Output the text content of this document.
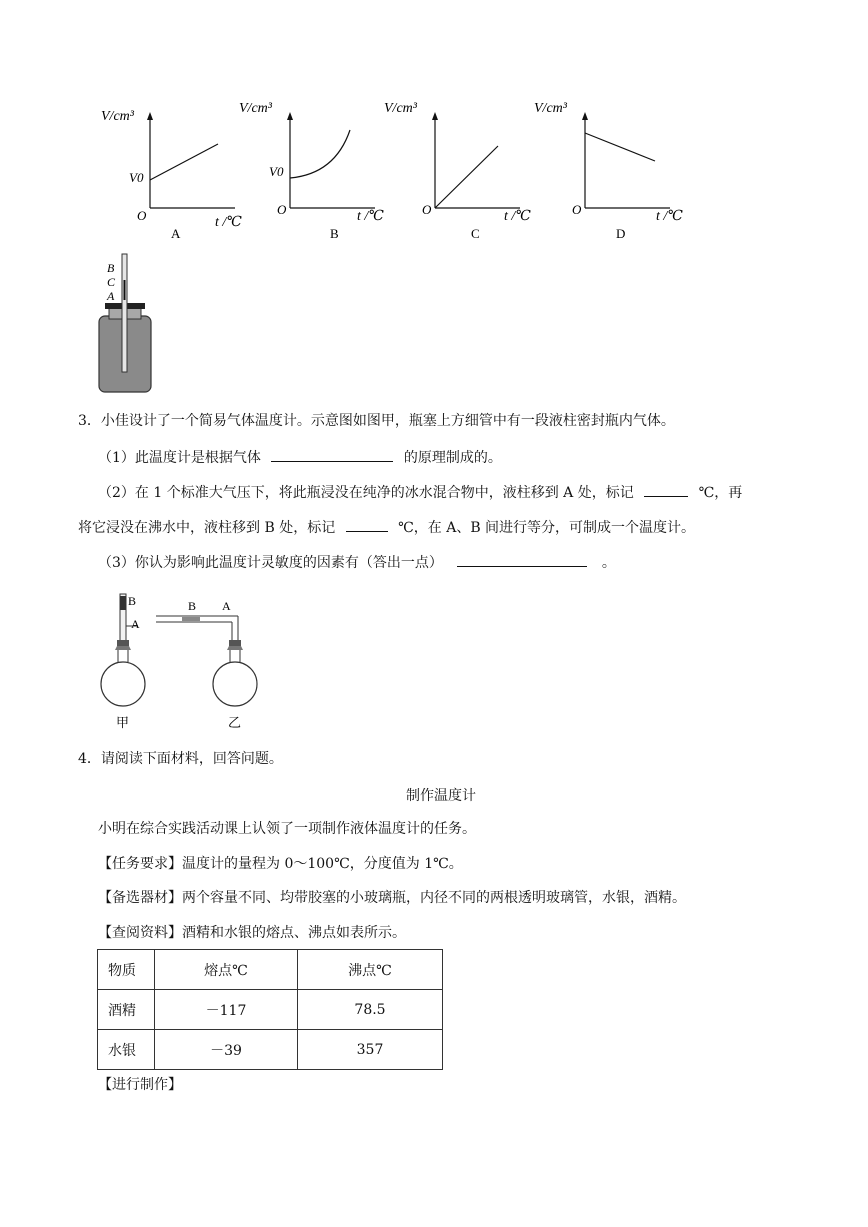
V/cm³
V0
O	t /℃
A
V/cm³
V0
O	t /℃
B
V/cm³
O	t /℃
C
V/cm³
O	t /℃
D
B
C
A
3．小佳设计了一个简易气体温度计。示意图如图甲，瓶塞上方细管中有一段液柱密封瓶内气体。
（1）此温度计是根据气体	的原理制成的。
（2）在 1 个标准大气压下，将此瓶浸没在纯净的冰水混合物中，液柱移到 A 处，标记	℃，再
将它浸没在沸水中，液柱移到 B 处，标记	℃，在 A、B 间进行等分，可制成一个温度计。
（3）你认为影响此温度计灵敏度的因素有（答出一点）	。
B
A
甲
B A
乙
4．请阅读下面材料，回答问题。
制作温度计
小明在综合实践活动课上认领了一项制作液体温度计的任务。
【任务要求】温度计的量程为 0～100℃，分度值为 1℃。
【备选器材】两个容量不同、均带胶塞的小玻璃瓶，内径不同的两根透明玻璃管，水银，酒精。
【查阅资料】酒精和水银的熔点、沸点如表所示。
物质	熔点℃	沸点℃
酒精	－117	78.5
水银	－39	357
【进行制作】
